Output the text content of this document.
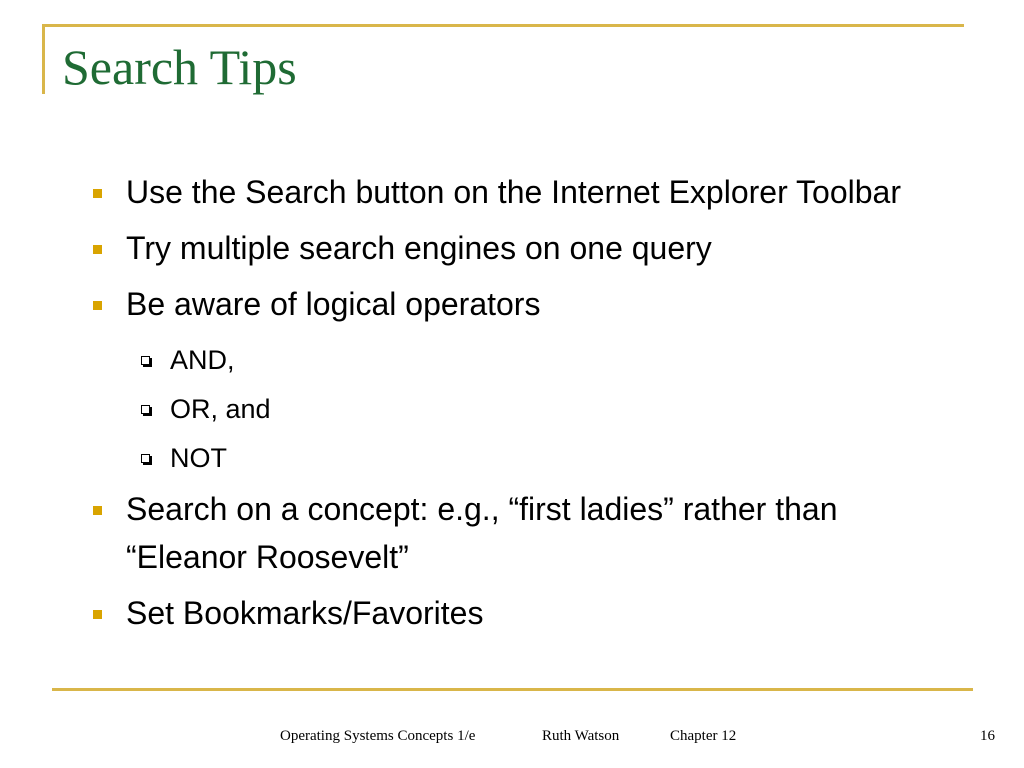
Search Tips
Use the Search button on the Internet Explorer Toolbar
Try multiple search engines on one query
Be aware of logical operators
AND,
OR, and
NOT
Search on a concept: e.g., “first ladies” rather than “Eleanor Roosevelt”
Set Bookmarks/Favorites
Operating Systems Concepts 1/e	Ruth Watson	Chapter 12	16
